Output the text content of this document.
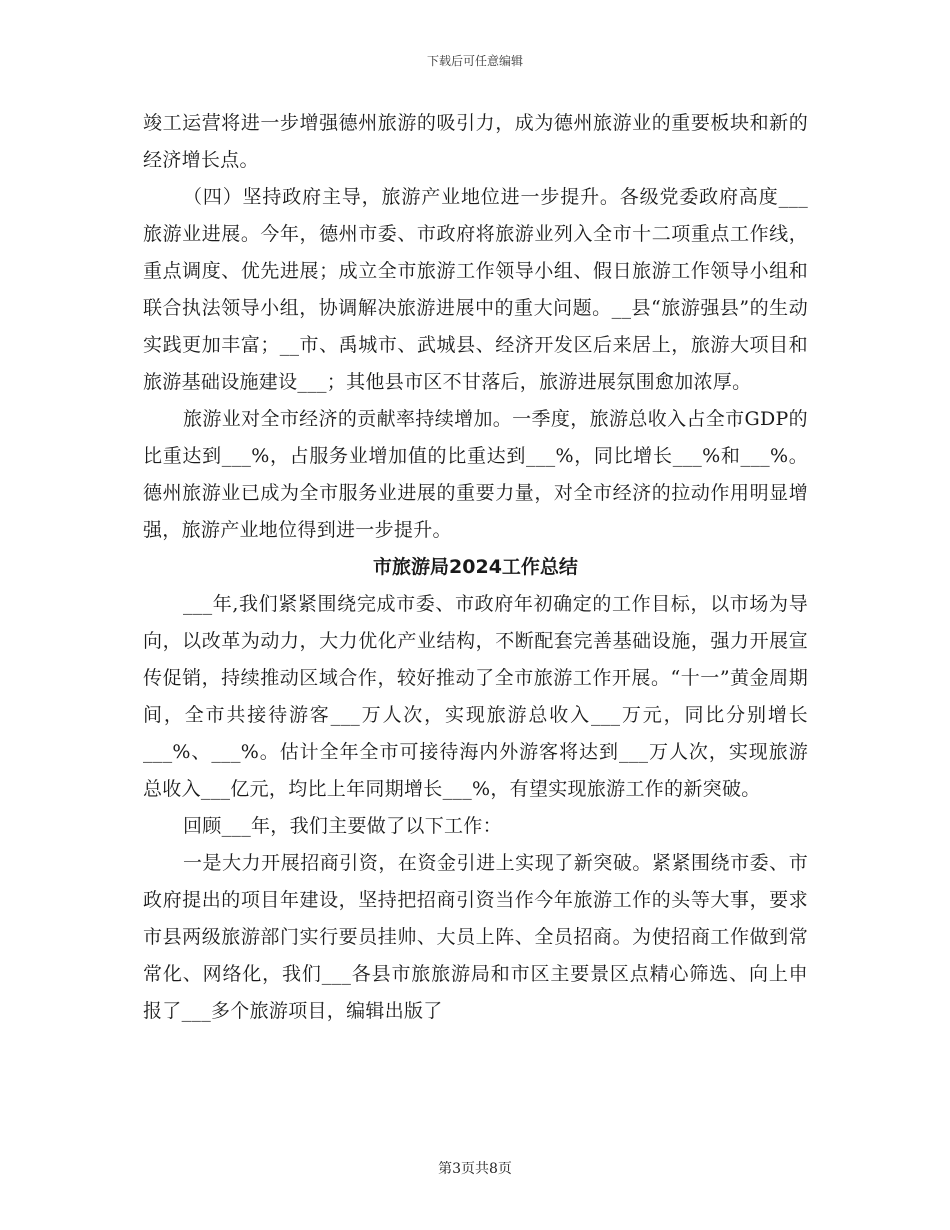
下载后可任意编辑

竣工运营将进一步增强德州旅游的吸引力，成为德州旅游业的重要板块和新的经济增长点。

（四）坚持政府主导，旅游产业地位进一步提升。各级党委政府高度___旅游业进展。今年，德州市委、市政府将旅游业列入全市十二项重点工作线，重点调度、优先进展；成立全市旅游工作领导小组、假日旅游工作领导小组和联合执法领导小组，协调解决旅游进展中的重大问题。__县“旅游强县”的生动实践更加丰富；__市、禹城市、武城县、经济开发区后来居上，旅游大项目和旅游基础设施建设___；其他县市区不甘落后，旅游进展氛围愈加浓厚。

旅游业对全市经济的贡献率持续增加。一季度，旅游总收入占全市GDP的比重达到___%，占服务业增加值的比重达到___%，同比增长___%和___%。德州旅游业已成为全市服务业进展的重要力量，对全市经济的拉动作用明显增强，旅游产业地位得到进一步提升。

市旅游局2024工作总结

___年,我们紧紧围绕完成市委、市政府年初确定的工作目标，以市场为导向，以改革为动力，大力优化产业结构，不断配套完善基础设施，强力开展宣传促销，持续推动区域合作，较好推动了全市旅游工作开展。“十一”黄金周期间，全市共接待游客___万人次，实现旅游总收入___万元，同比分别增长___%、___%。估计全年全市可接待海内外游客将达到___万人次，实现旅游总收入___亿元，均比上年同期增长___%，有望实现旅游工作的新突破。

回顾___年，我们主要做了以下工作：

一是大力开展招商引资，在资金引进上实现了新突破。紧紧围绕市委、市政府提出的项目年建设，坚持把招商引资当作今年旅游工作的头等大事，要求市县两级旅游部门实行要员挂帅、大员上阵、全员招商。为使招商工作做到常常化、网络化，我们___各县市旅旅游局和市区主要景区点精心筛选、向上申报了___多个旅游项目，编辑出版了

第3页共8页
